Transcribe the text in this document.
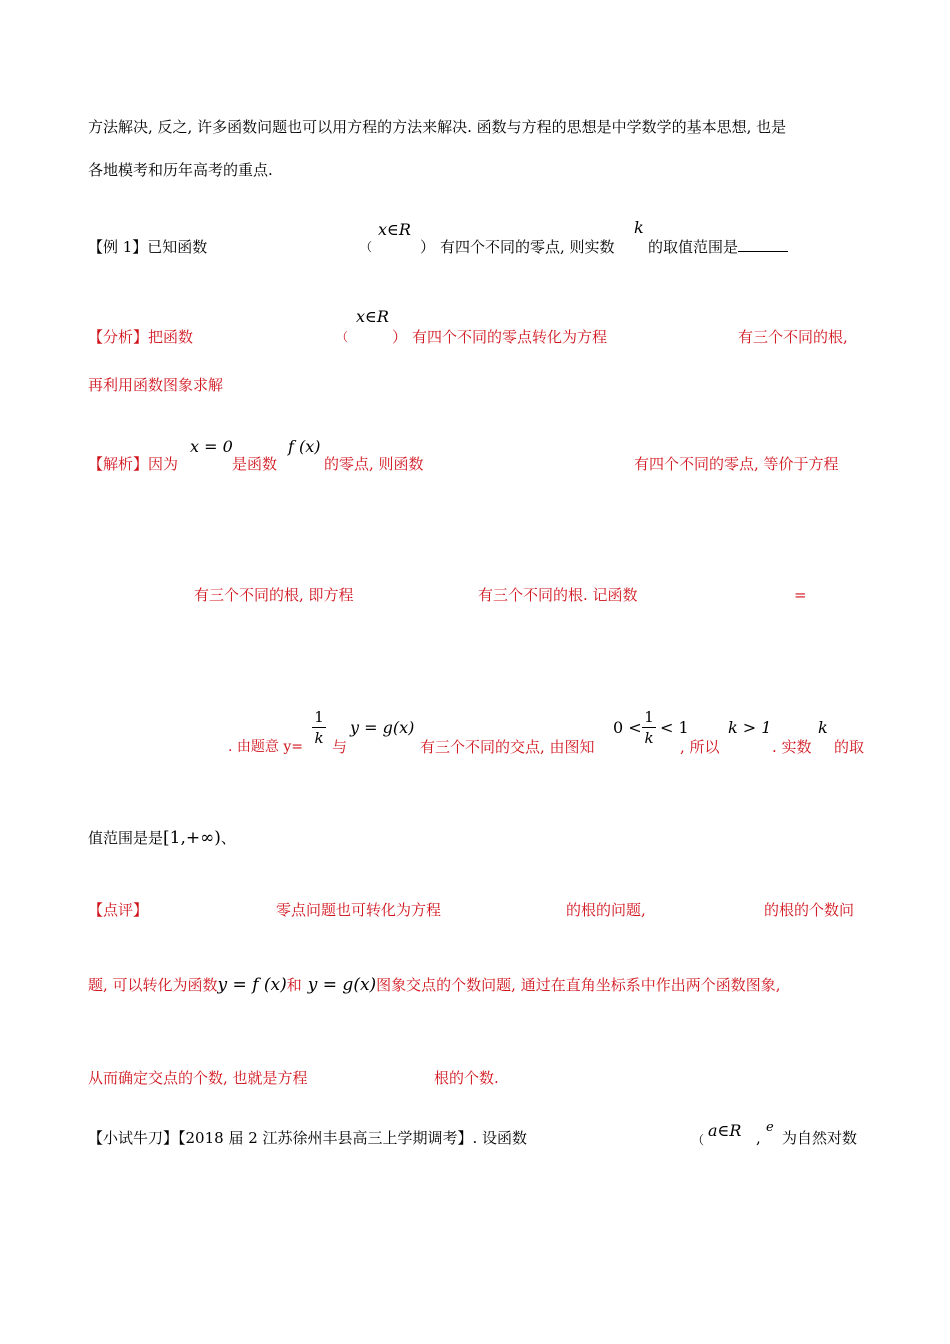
方法解决, 反之, 许多函数问题也可以用方程的方法来解决. 函数与方程的思想是中学数学的基本思想, 也是
各地模考和历年高考的重点.
【例 1】已知函数
x∈R
（	） 有四个不同的零点, 则实数
k
的取值范围是
【分析】把函数
x∈R
（	） 有四个不同的零点转化为方程	有三个不同的根,
再利用函数图象求解
【解析】因为
x = 0
是函数
f (x)
的零点, 则函数	有四个不同的零点, 等价于方程
有三个不同的根, 即方程	有三个不同的根. 记函数	=
. 由题意 y=
1
k 与
y = g(x)
有三个不同的交点, 由图知
0 <
1
k
< 1
, 所以
k > 1
. 实数
k
的取
值范围是是[1,+∞)、
【点评】	零点问题也可转化为方程	的根的问题,	的根的个数问
题, 可以转化为函数y = f (x)和 y = g(x)图象交点的个数问题, 通过在直角坐标系中作出两个函数图象,
从而确定交点的个数, 也就是方程	根的个数.
【小试牛刀】【2018 届 2 江苏徐州丰县高三上学期调考】. 设函数	（ a∈R ,
e
为自然对数
